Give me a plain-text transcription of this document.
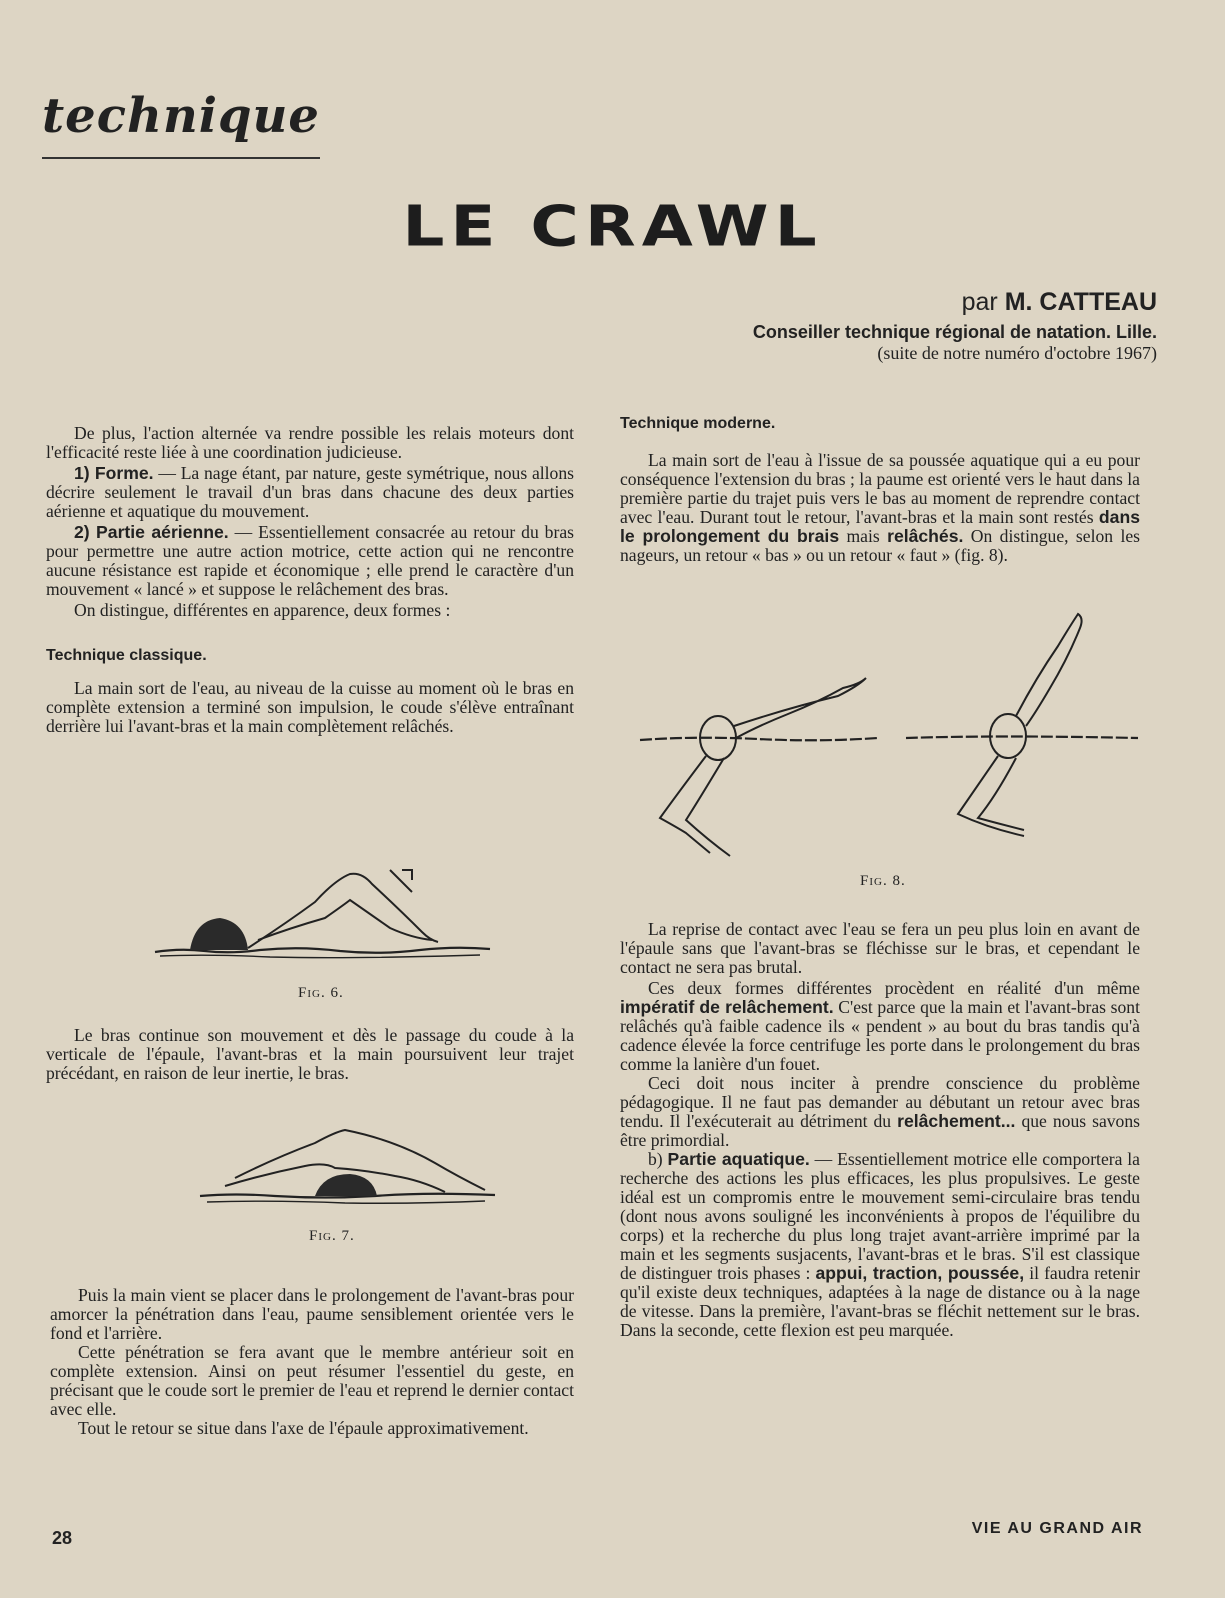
technique
LE CRAWL
par M. CATTEAU
Conseiller technique régional de natation. Lille.
(suite de notre numéro d'octobre 1967)

De plus, l'action alternée va rendre possible les relais moteurs dont l'efficacité reste liée à une coordination judicieuse.

1) Forme. — La nage étant, par nature, geste symétrique, nous allons décrire seulement le travail d'un bras dans chacune des deux parties aérienne et aquatique du mouvement.

2) Partie aérienne. — Essentiellement consacrée au retour du bras pour permettre une autre action motrice, cette action qui ne rencontre aucune résistance est rapide et économique ; elle prend le caractère d'un mouvement « lancé » et suppose le relâchement des bras.

On distingue, différentes en apparence, deux formes :

Technique classique.

La main sort de l'eau, au niveau de la cuisse au moment où le bras en complète extension a terminé son impulsion, le coude s'élève entraînant derrière lui l'avant-bras et la main complètement relâchés.

Fig. 6.

Le bras continue son mouvement et dès le passage du coude à la verticale de l'épaule, l'avant-bras et la main poursuivent leur trajet précédant, en raison de leur inertie, le bras.

Fig. 7.

Puis la main vient se placer dans le prolongement de l'avant-bras pour amorcer la pénétration dans l'eau, paume sensiblement orientée vers le fond et l'arrière.

Cette pénétration se fera avant que le membre antérieur soit en complète extension. Ainsi on peut résumer l'essentiel du geste, en précisant que le coude sort le premier de l'eau et reprend le dernier contact avec elle.

Tout le retour se situe dans l'axe de l'épaule approximativement.

Technique moderne.

La main sort de l'eau à l'issue de sa poussée aquatique qui a eu pour conséquence l'extension du bras ; la paume est orienté vers le haut dans la première partie du trajet puis vers le bas au moment de reprendre contact avec l'eau. Durant tout le retour, l'avant-bras et la main sont restés dans le prolongement du brais mais relâchés. On distingue, selon les nageurs, un retour « bas » ou un retour « faut » (fig. 8).

Fig. 8.

La reprise de contact avec l'eau se fera un peu plus loin en avant de l'épaule sans que l'avant-bras se fléchisse sur le bras, et cependant le contact ne sera pas brutal.

Ces deux formes différentes procèdent en réalité d'un même impératif de relâchement. C'est parce que la main et l'avant-bras sont relâchés qu'à faible cadence ils « pendent » au bout du bras tandis qu'à cadence élevée la force centrifuge les porte dans le prolongement du bras comme la lanière d'un fouet.

Ceci doit nous inciter à prendre conscience du problème pédagogique. Il ne faut pas demander au débutant un retour avec bras tendu. Il l'exécuterait au détriment du relâchement... que nous savons être primordial.

b) Partie aquatique. — Essentiellement motrice elle comportera la recherche des actions les plus efficaces, les plus propulsives. Le geste idéal est un compromis entre le mouvement semi-circulaire bras tendu (dont nous avons souligné les inconvénients à propos de l'équilibre du corps) et la recherche du plus long trajet avant-arrière imprimé par la main et les segments susjacents, l'avant-bras et le bras. S'il est classique de distinguer trois phases : appui, traction, poussée, il faudra retenir qu'il existe deux techniques, adaptées à la nage de distance ou à la nage de vitesse. Dans la première, l'avant-bras se fléchit nettement sur le bras. Dans la seconde, cette flexion est peu marquée.

28	VIE AU GRAND AIR
